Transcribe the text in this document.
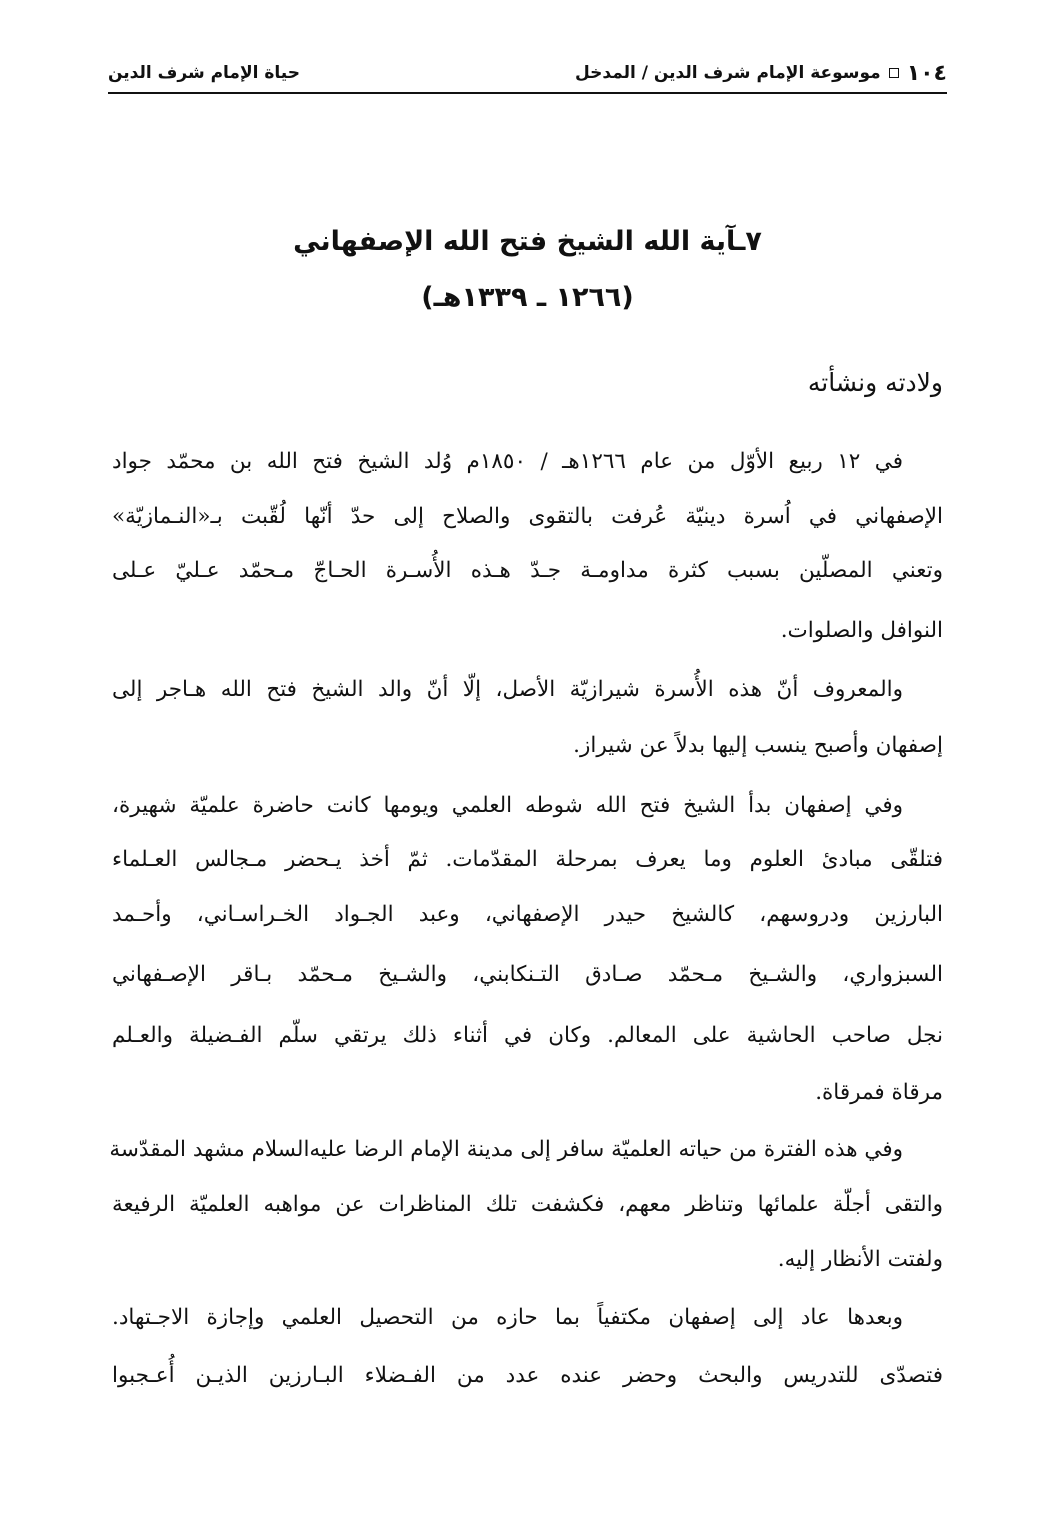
١٠٤
موسوعة الإمام شرف الدين / المدخل
حياة الإمام شرف الدين
٧ـآية الله الشيخ فتح الله الإصفهاني
(١٢٦٦ ـ ١٣٣٩هـ)
ولادته ونشأته
في ١٢ ربيع الأوّل من عام ١٢٦٦هـ / ١٨٥٠م وُلد الشيخ فتح الله بن محمّد جواد
الإصفهاني في اُسرة دينيّة عُرفت بالتقوى والصلاح إلى حدّ أنّها لُقّبت بـ«النـمازيّة»
وتعني المصلّين بسبب كثرة مداومـة جـدّ هـذه الأُسـرة الحـاجّ مـحمّد عـليّ عـلى
النوافل والصلوات.
والمعروف أنّ هذه الأُسرة شيرازيّة الأصل، إلّا أنّ والد الشيخ فتح الله هـاجر إلى
إصفهان وأصبح ينسب إليها بدلاً عن شيراز.
وفي إصفهان بدأ الشيخ فتح الله شوطه العلمي ويومها كانت حاضرة علميّة شهيرة،
فتلقّى مبادئ العلوم وما يعرف بمرحلة المقدّمات. ثمّ أخذ يـحضر مـجالس العـلماء
البارزين ودروسهم، كالشيخ حيدر الإصفهاني، وعبد الجـواد الخـراسـاني، وأحـمد
السبزواري، والشـيخ مـحمّد صـادق التـنكابني، والشـيخ مـحمّد بـاقر الإصـفهاني
نجل صاحب الحاشية على المعالم. وكان في أثناء ذلك يرتقي سلّم الفـضيلة والعـلم
مرقاة فمرقاة.
وفي هذه الفترة من حياته العلميّة سافر إلى مدينة الإمام الرضا عليه‌السلام مشهد المقدّسة
والتقى أجلّة علمائها وتناظر معهم، فكشفت تلك المناظرات عن مواهبه العلميّة الرفيعة
ولفتت الأنظار إليه.
وبعدها عاد إلى إصفهان مكتفياً بما حازه من التحصيل العلمي وإجازة الاجـتهاد.
فتصدّى للتدريس والبحث وحضر عنده عدد من الفـضلاء البـارزين الذيـن أُعـجبوا
